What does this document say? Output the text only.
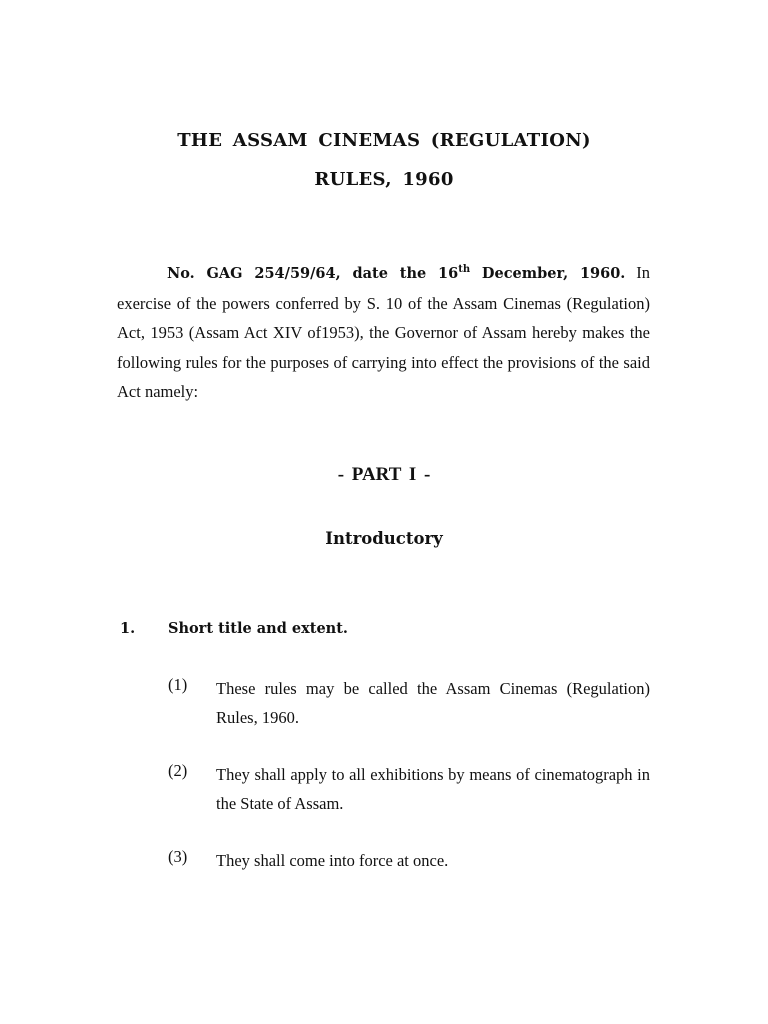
THE ASSAM CINEMAS (REGULATION)
RULES, 1960
No. GAG 254/59/64, date the 16th December, 1960. In exercise of the powers conferred by S. 10 of the Assam Cinemas (Regulation) Act, 1953 (Assam Act XIV of1953), the Governor of Assam hereby makes the following rules for the purposes of carrying into effect the provisions of the said Act namely:
- PART I -
Introductory
1. Short title and extent.
(1) These rules may be called the Assam Cinemas (Regulation) Rules, 1960.
(2) They shall apply to all exhibitions by means of cinematograph in the State of Assam.
(3) They shall come into force at once.
